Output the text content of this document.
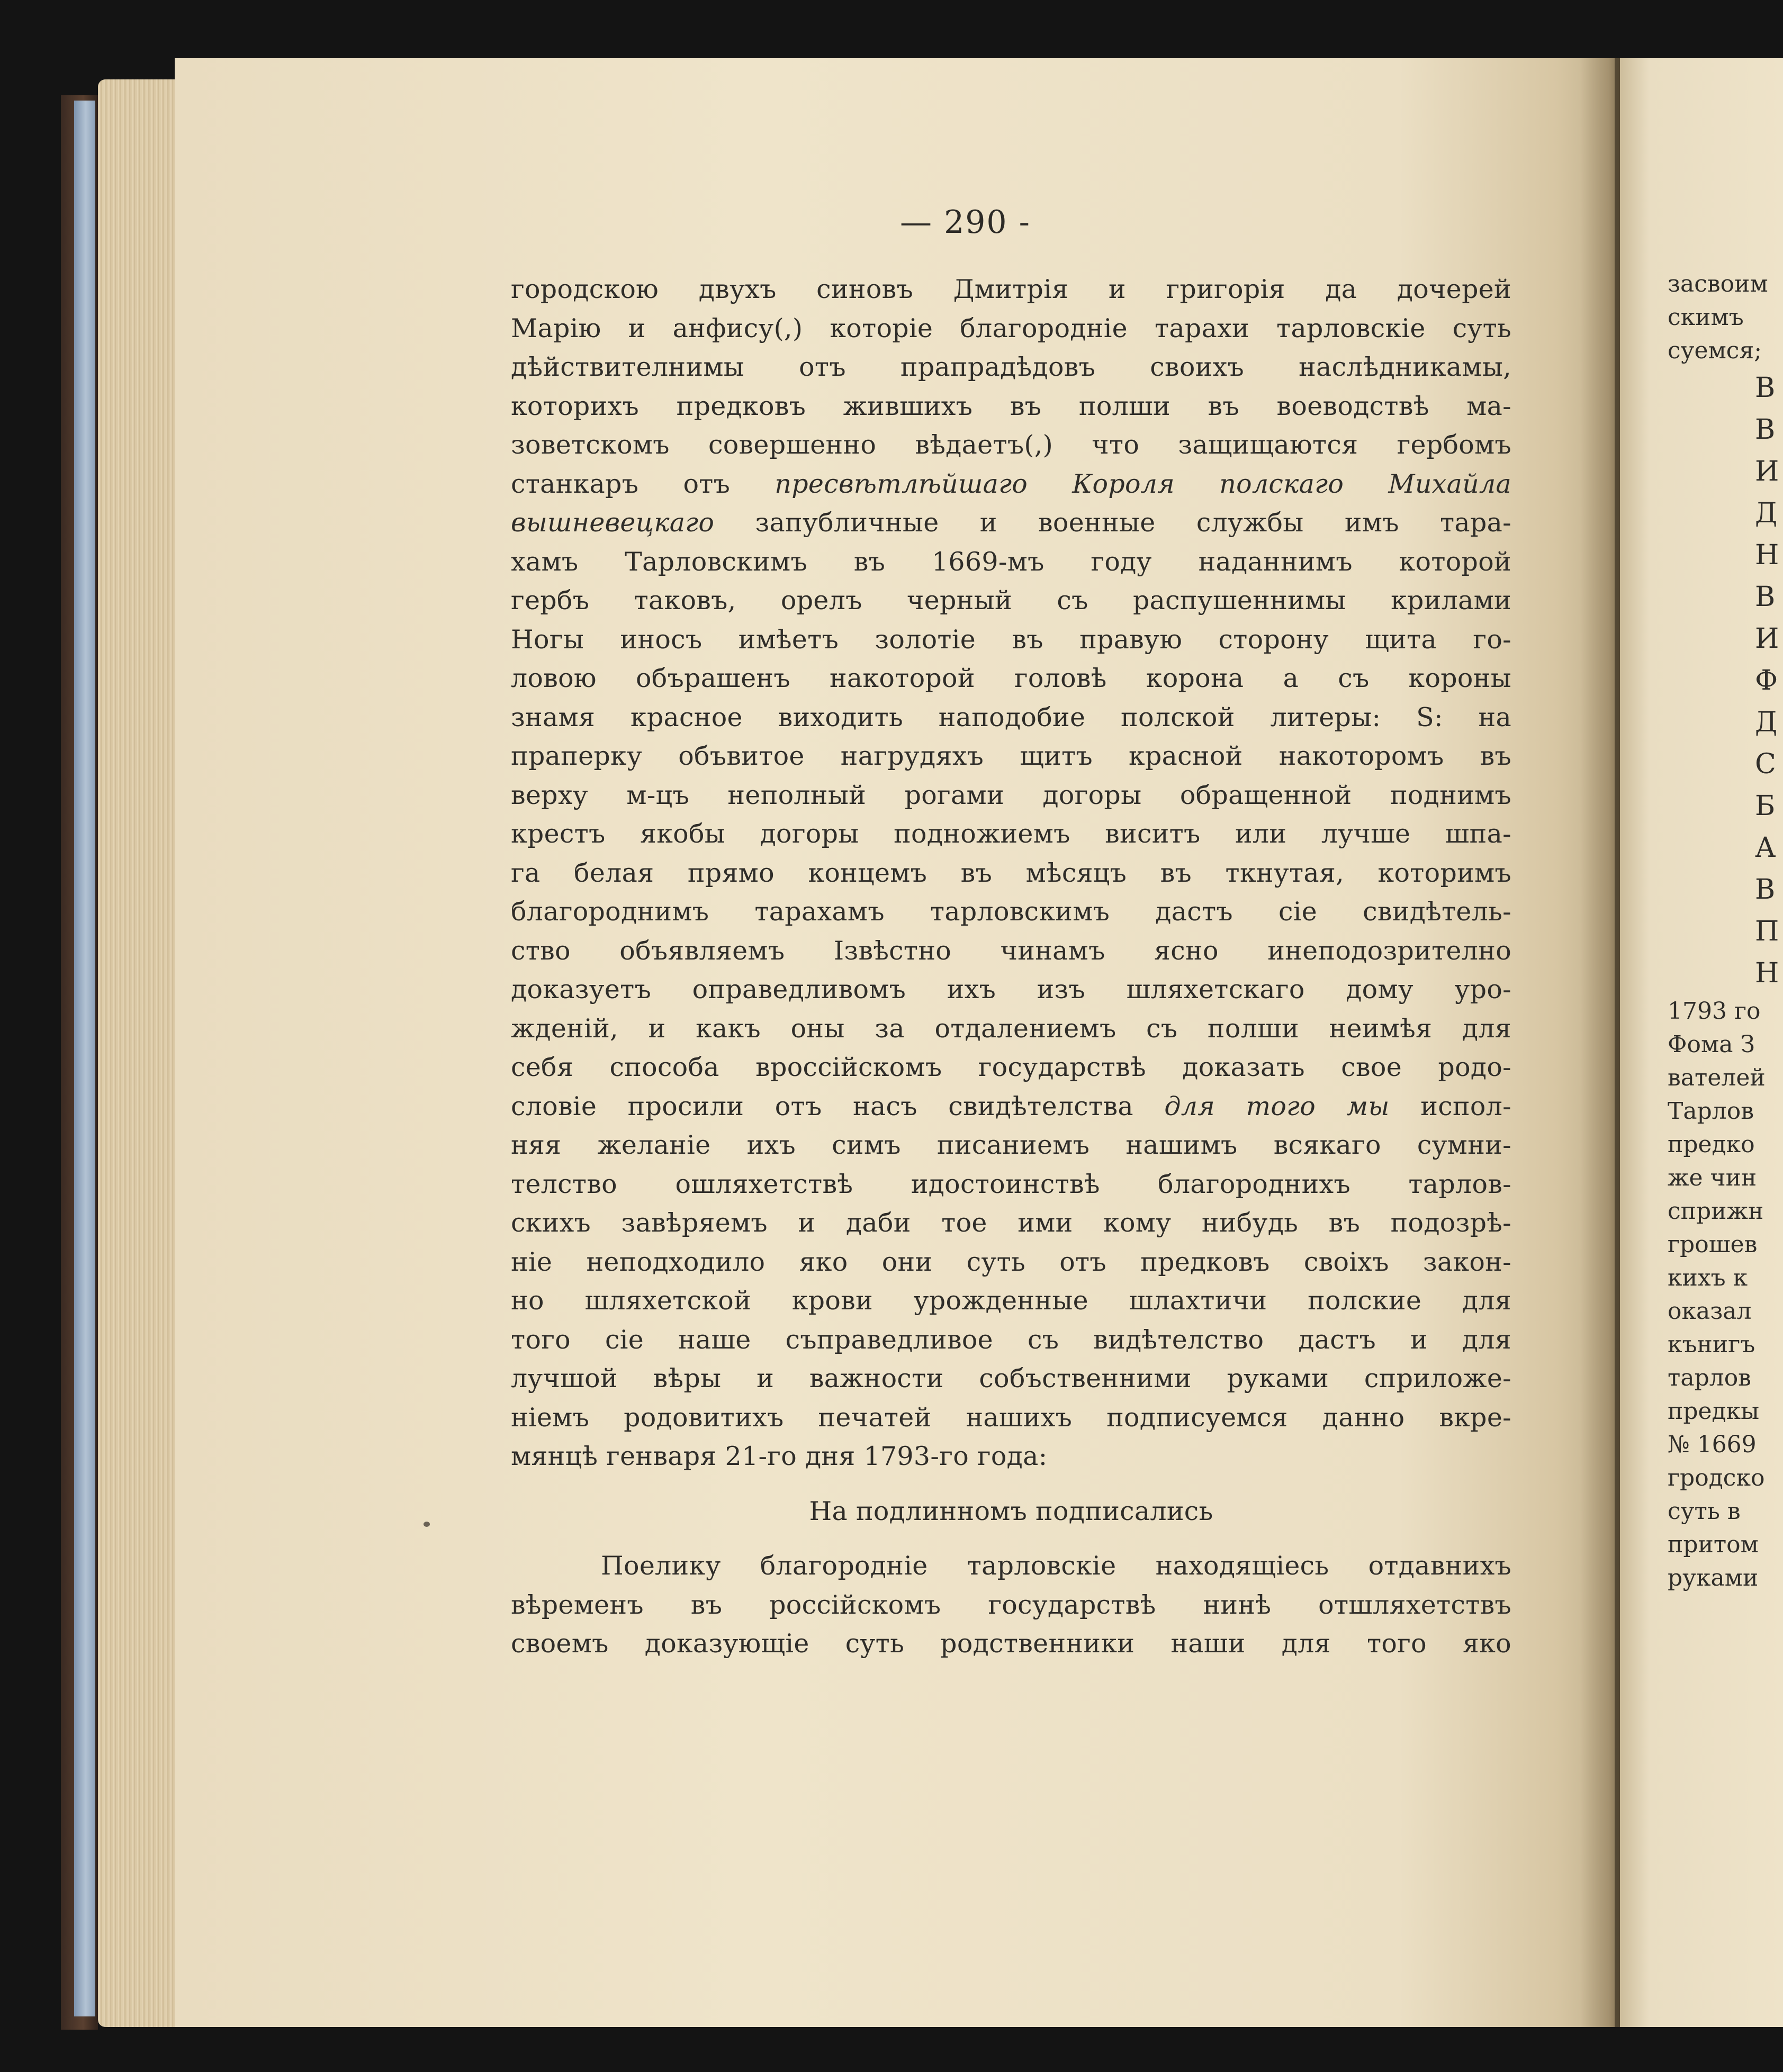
— 290 -
городскою двухъ синовъ Дмитрія и григорія да дочерей
Марію и анфису(,) которіе благородніе тарахи тарловскіе суть
дѣйствителнимы отъ прапрадѣдовъ своихъ наслѣдникамы,
которихъ предковъ жившихъ въ полши въ воеводствѣ ма-
зоветскомъ совершенно вѣдаетъ(,) что защищаются гербомъ
станкаръ отъ пресвѣтлѣйшаго Короля полскаго Михайла
вышневецкаго запубличные и военные службы имъ тара-
хамъ Тарловскимъ въ 1669-мъ году наданнимъ которой
гербъ таковъ, орелъ черный съ распушеннимы крилами
Ногы иносъ имѣетъ золотіе въ правую сторону щита го-
ловою обърашенъ накоторой головѣ корона а съ короны
знамя красное виходить наподобие полской литеры: S: на
праперку объвитое нагрудяхъ щитъ красной накоторомъ въ
верху м-цъ неполный рогами догоры обращенной поднимъ
крестъ якобы догоры подножиемъ виситъ или лучше шпа-
га белая прямо концемъ въ мѣсяцъ въ ткнутая, которимъ
благороднимъ тарахамъ тарловскимъ дастъ сіе свидѣтель-
ство объявляемъ Ізвѣстно чинамъ ясно инеподозрително
доказуетъ оправедливомъ ихъ изъ шляхетскаго дому уро-
жденій, и какъ оны за отдалениемъ съ полши неимѣя для
себя способа вроссійскомъ государствѣ доказать свое родо-
словіе просили отъ насъ свидѣтелства для того мы испол-
няя желаніе ихъ симъ писаниемъ нашимъ всякаго сумни-
телство ошляхетствѣ идостоинствѣ благороднихъ тарлов-
скихъ завѣряемъ и даби тое ими кому нибудь въ подозрѣ-
ніе неподходило яко они суть отъ предковъ своіхъ закон-
но шляхетской крови урожденные шлахтичи полские для
того сіе наше съправедливое съ видѣтелство дастъ и для
лучшой вѣры и важности собъственними руками сприложе-
ніемъ родовитихъ печатей нашихъ подписуемся данно вкре-
мянцѣ генваря 21-го дня 1793-го года:
На подлинномъ подписались
Поелику благородніе тарловскіе находящіесь отдавнихъ
вѣременъ въ россійскомъ государствѣ нинѣ отшляхетствъ
своемъ доказующіе суть родственники наши для того яко
засвоим
скимъ
суемся;
В
В
И
Д
Н
В
И
Ф
Д
С
Б
А
В
П
Н
1793 го
Фома З
вателей
Тарлов
предко
же чин
сприжн
грошев
кихъ к
оказал
кънигъ
тарлов
предкы
№ 1669
гродско
суть в
притом
руками
